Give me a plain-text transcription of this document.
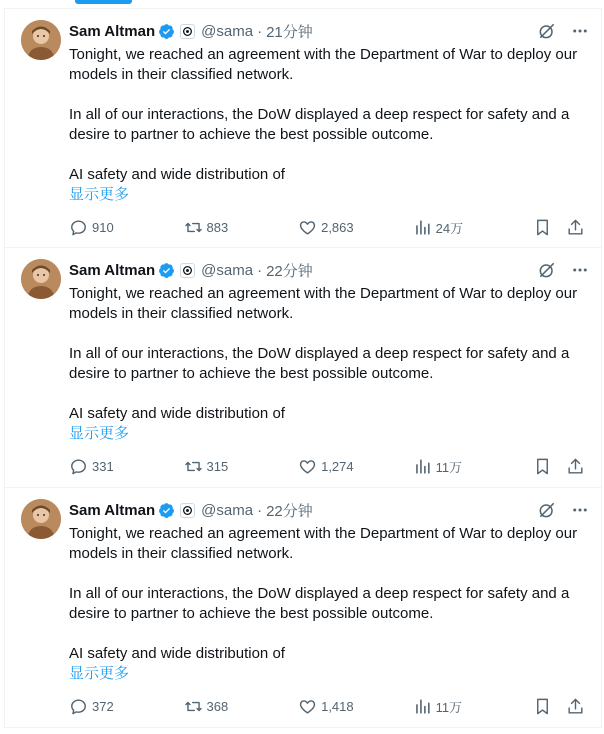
Sam Altman	@sama · 21分钟

Tonight, we reached an agreement with the Department of War to deploy our models in their classified network.

In all of our interactions, the DoW displayed a deep respect for safety and a desire to partner to achieve the best possible outcome.

AI safety and wide distribution of

显示更多

910	883	2,863	24万
Sam Altman	@sama · 22分钟

Tonight, we reached an agreement with the Department of War to deploy our models in their classified network.

In all of our interactions, the DoW displayed a deep respect for safety and a desire to partner to achieve the best possible outcome.

AI safety and wide distribution of

显示更多

331	315	1,274	11万
Sam Altman	@sama · 22分钟

Tonight, we reached an agreement with the Department of War to deploy our models in their classified network.

In all of our interactions, the DoW displayed a deep respect for safety and a desire to partner to achieve the best possible outcome.

AI safety and wide distribution of

显示更多

372	368	1,418	11万
